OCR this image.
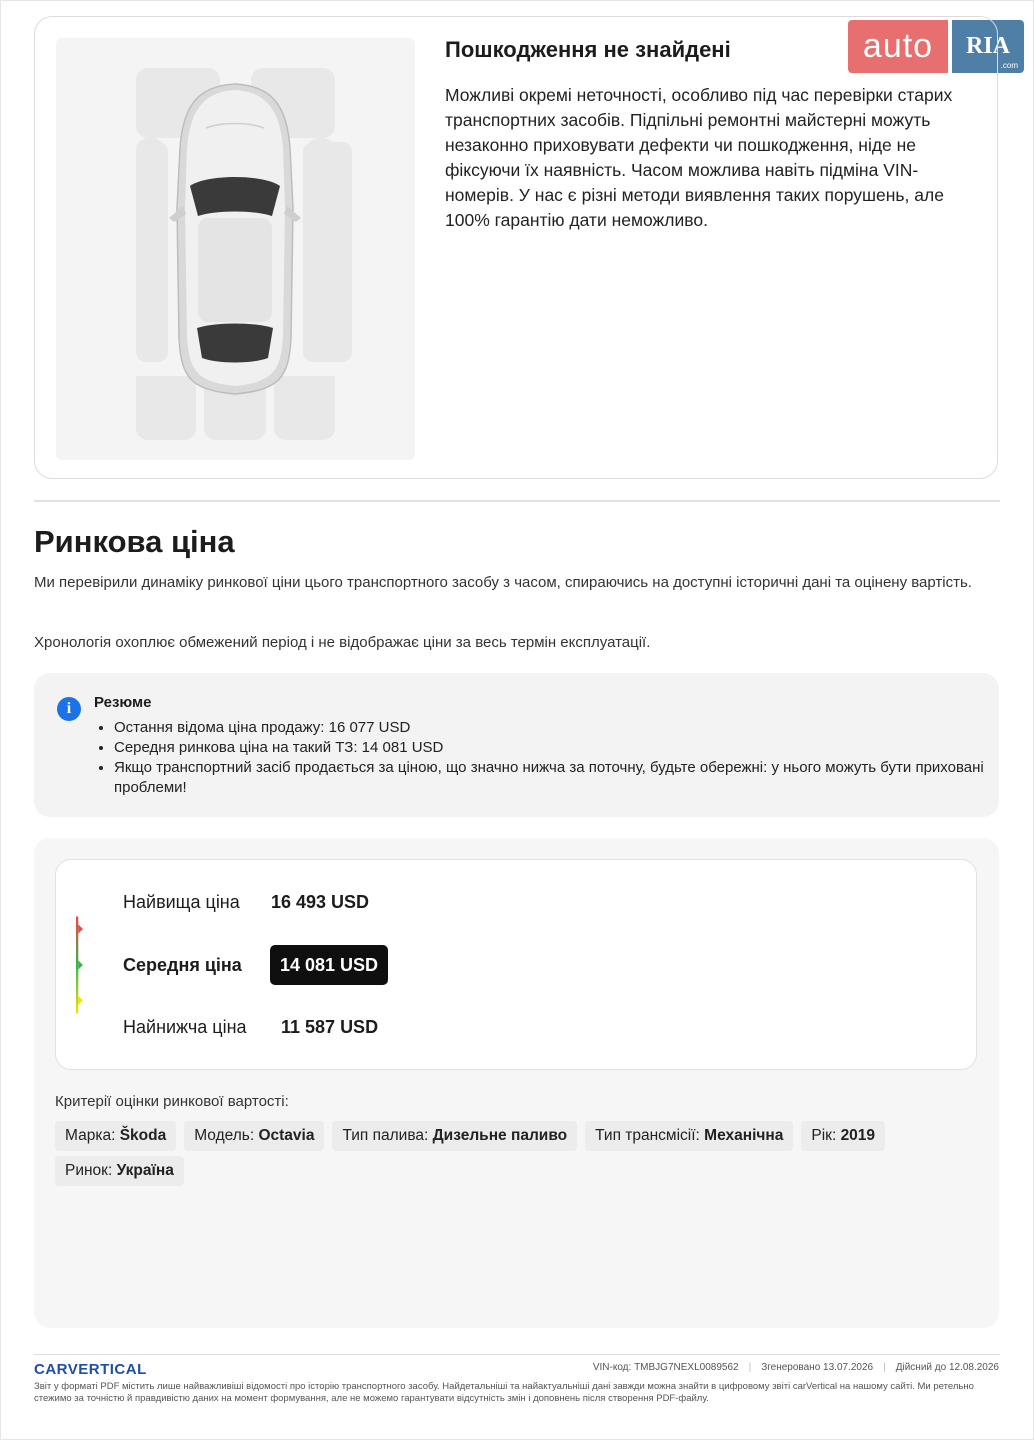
auto	RIA
.com
Пошкодження не знайдені
Можливі окремі неточності, особливо під час перевірки старих транспортних засобів. Підпільні ремонтні майстерні можуть незаконно приховувати дефекти чи пошкодження, ніде не фіксуючи їх наявність. Часом можлива навіть підміна VIN-номерів. У нас є різні методи виявлення таких порушень, але 100% гарантію дати неможливо.
Ринкова ціна
Ми перевірили динаміку ринкової ціни цього транспортного засобу з часом, спираючись на доступні історичні дані та оцінену вартість.
Хронологія охоплює обмежений період і не відображає ціни за весь термін експлуатації.
i	Резюме
• Остання відома ціна продажу: 16 077 USD
• Середня ринкова ціна на такий ТЗ: 14 081 USD
• Якщо транспортний засіб продається за ціною, що значно нижча за поточну, будьте обережні: у нього можуть бути приховані проблеми!
Найвища ціна 16 493 USD
Середня ціна	14 081 USD
Найнижча ціна 11 587 USD
Критерії оцінки ринкової вартості:
Марка: Škoda	Модель: Octavia	Тип палива: Дизельне паливо	Тип трансмісії: Механічна	Рік: 2019
Ринок: Україна
CARVERTICAL	VIN-код: TMBJG7NEXL0089562 | Згенеровано 13.07.2026 | Дійсний до 12.08.2026
Звіт у форматі PDF містить лише найважливіші відомості про історію транспортного засобу. Найдетальніші та найактуальніші дані завжди можна знайти в цифровому звіті carVertical на нашому сайті. Ми ретельно стежимо за точністю й правдивістю даних на момент формування, але не можемо гарантувати відсутність змін і доповнень після створення PDF-файлу.
